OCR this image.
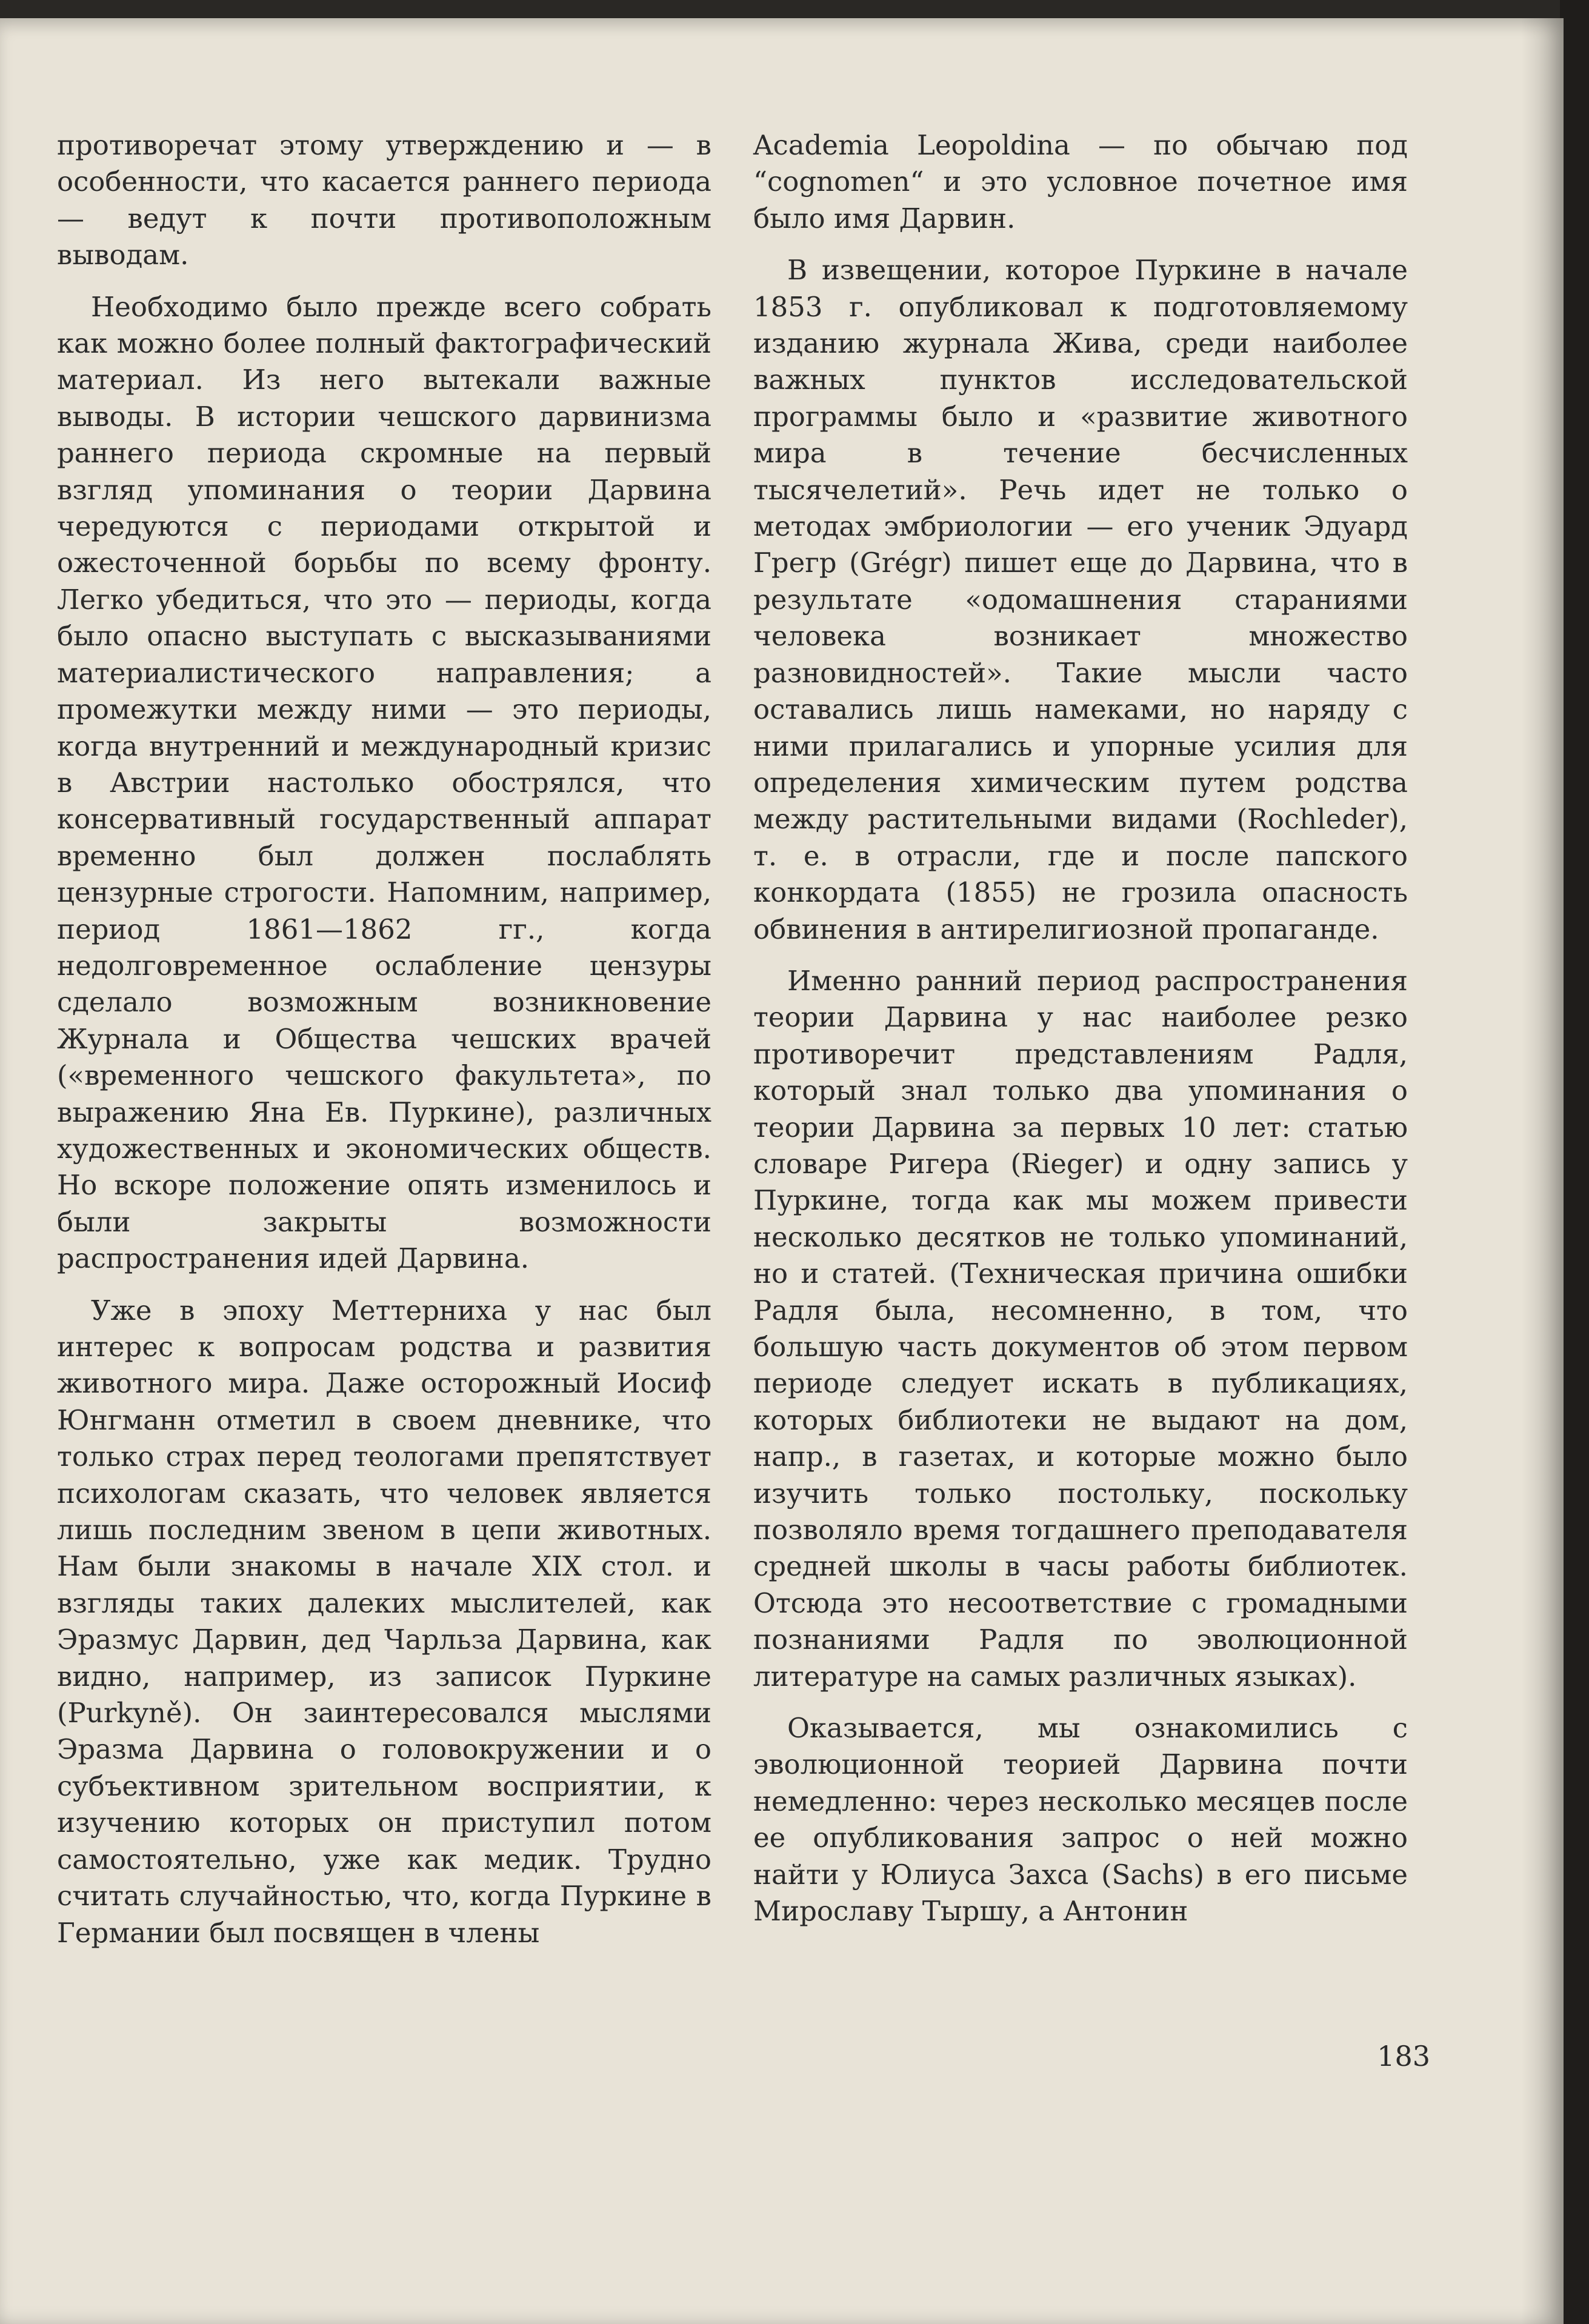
противоречат этому утверждению и — в особенности, что касается раннего периода — ведут к почти противоположным выводам.

Необходимо было прежде всего собрать как можно более полный фактографический материал. Из него вытекали важные выводы. В истории чешского дарвинизма раннего периода скромные на первый взгляд упоминания о теории Дарвина чередуются с периодами открытой и ожесточенной борьбы по всему фронту. Легко убедиться, что это — периоды, когда было опасно выступать с высказываниями материалистического направления; а промежутки между ними — это периоды, когда внутренний и международный кризис в Австрии настолько обострялся, что консервативный государственный аппарат временно был должен послаблять цензурные строгости. Напомним, например, период 1861—1862 гг., когда недолговременное ослабление цензуры сделало возможным возникновение Журнала и Общества чешских врачей («временного чешского факультета», по выражению Яна Ев. Пуркине), различных художественных и экономических обществ. Но вскоре положение опять изменилось и были закрыты возможности распространения идей Дарвина.

Уже в эпоху Меттерниха у нас был интерес к вопросам родства и развития животного мира. Даже осторожный Иосиф Юнгманн отметил в своем дневнике, что только страх перед теологами препятствует психологам сказать, что человек является лишь последним звеном в цепи животных. Нам были знакомы в начале XIX стол. и взгляды таких далеких мыслителей, как Эразмус Дарвин, дед Чарльза Дарвина, как видно, например, из записок Пуркине (Purkyně). Он заинтересовался мыслями Эразма Дарвина о головокружении и о субъективном зрительном восприятии, к изучению которых он приступил потом самостоятельно, уже как медик. Трудно считать случайностью, что, когда Пуркине в Германии был посвящен в члены

Academia Leopoldina — по обычаю под “cognomen“ и это условное почетное имя было имя Дарвин.

В извещении, которое Пуркине в начале 1853 г. опубликовал к подготовляемому изданию журнала Жива, среди наиболее важных пунктов исследовательской программы было и «развитие животного мира в течение бесчисленных тысячелетий». Речь идет не только о методах эмбриологии — его ученик Эдуард Грегр (Grégr) пишет еще до Дарвина, что в результате «одомашнения стараниями человека возникает множество разновидностей». Такие мысли часто оставались лишь намеками, но наряду с ними прилагались и упорные усилия для определения химическим путем родства между растительными видами (Rochleder), т. е. в отрасли, где и после папского конкордата (1855) не грозила опасность обвинения в антирелигиозной пропаганде.

Именно ранний период распространения теории Дарвина у нас наиболее резко противоречит представлениям Радля, который знал только два упоминания о теории Дарвина за первых 10 лет: статью словаре Ригера (Rieger) и одну запись у Пуркине, тогда как мы можем привести несколько десятков не только упоминаний, но и статей. (Техническая причина ошибки Радля была, несомненно, в том, что большую часть документов об этом первом периоде следует искать в публикациях, которых библиотеки не выдают на дом, напр., в газетах, и которые можно было изучить только постольку, поскольку позволяло время тогдашнего преподавателя средней школы в часы работы библиотек. Отсюда это несоответствие с громадными познаниями Радля по эволюционной литературе на самых различных языках).

Оказывается, мы ознакомились с эволюционной теорией Дарвина почти немедленно: через несколько месяцев после ее опубликования запрос о ней можно найти у Юлиуса Захса (Sachs) в его письме Мирославу Тыршу, а Антонин

183
